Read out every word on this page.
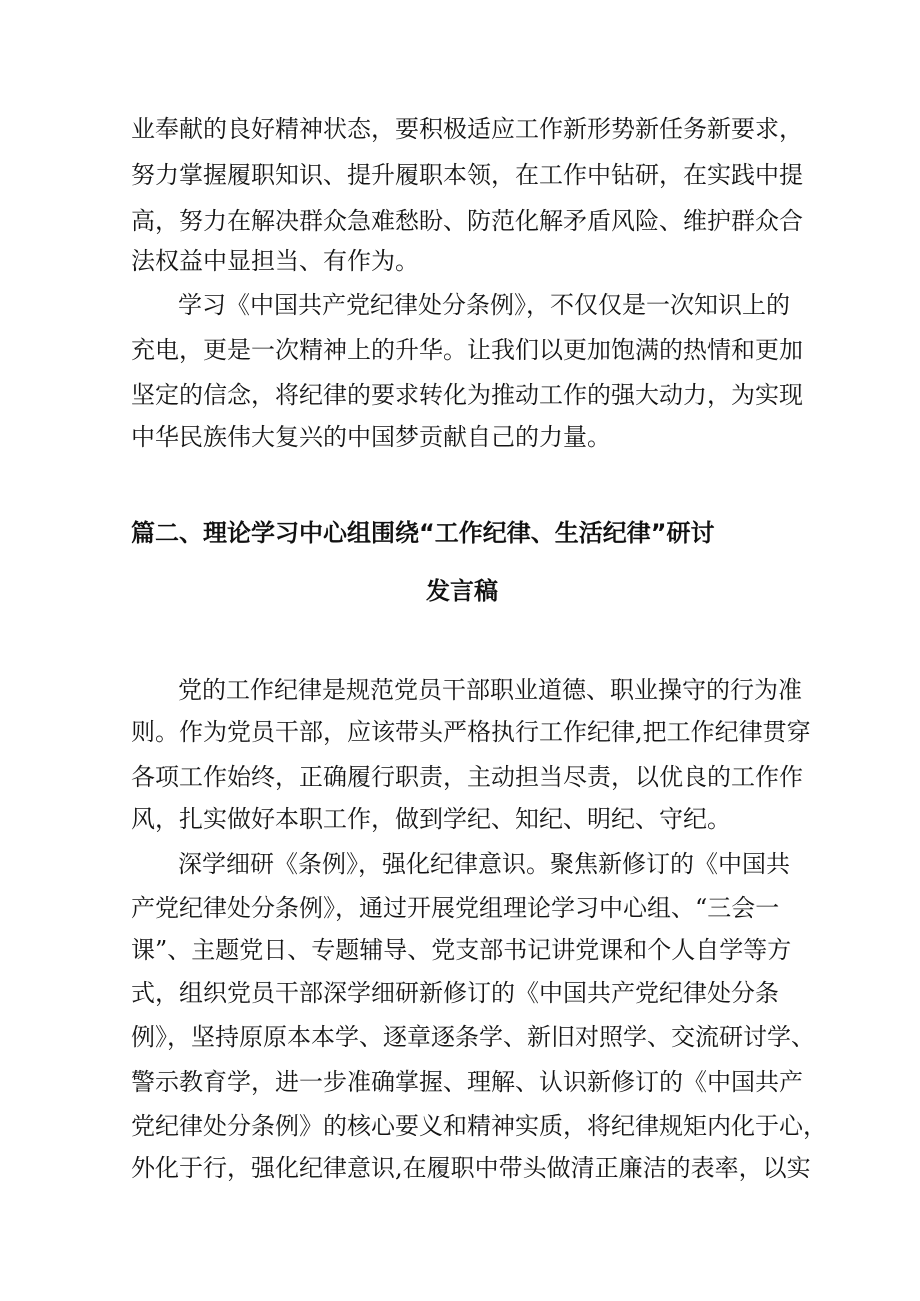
业奉献的良好精神状态，要积极适应工作新形势新任务新要求，

努力掌握履职知识、提升履职本领，在工作中钻研，在实践中提

高，努力在解决群众急难愁盼、防范化解矛盾风险、维护群众合

法权益中显担当、有作为。

学习《中国共产党纪律处分条例》，不仅仅是一次知识上的

充电，更是一次精神上的升华。让我们以更加饱满的热情和更加

坚定的信念，将纪律的要求转化为推动工作的强大动力，为实现

中华民族伟大复兴的中国梦贡献自己的力量。

篇二、理论学习中心组围绕“工作纪律、生活纪律”研讨
发言稿

党的工作纪律是规范党员干部职业道德、职业操守的行为准

则。作为党员干部，应该带头严格执行工作纪律,把工作纪律贯穿

各项工作始终，正确履行职责，主动担当尽责，以优良的工作作

风，扎实做好本职工作，做到学纪、知纪、明纪、守纪。

深学细研《条例》，强化纪律意识。聚焦新修订的《中国共

产党纪律处分条例》，通过开展党组理论学习中心组、“三会一

课”、主题党日、专题辅导、党支部书记讲党课和个人自学等方

式，组织党员干部深学细研新修订的《中国共产党纪律处分条

例》，坚持原原本本学、逐章逐条学、新旧对照学、交流研讨学、

警示教育学，进一步准确掌握、理解、认识新修订的《中国共产

党纪律处分条例》的核心要义和精神实质，将纪律规矩内化于心，

外化于行，强化纪律意识,在履职中带头做清正廉洁的表率，以实
